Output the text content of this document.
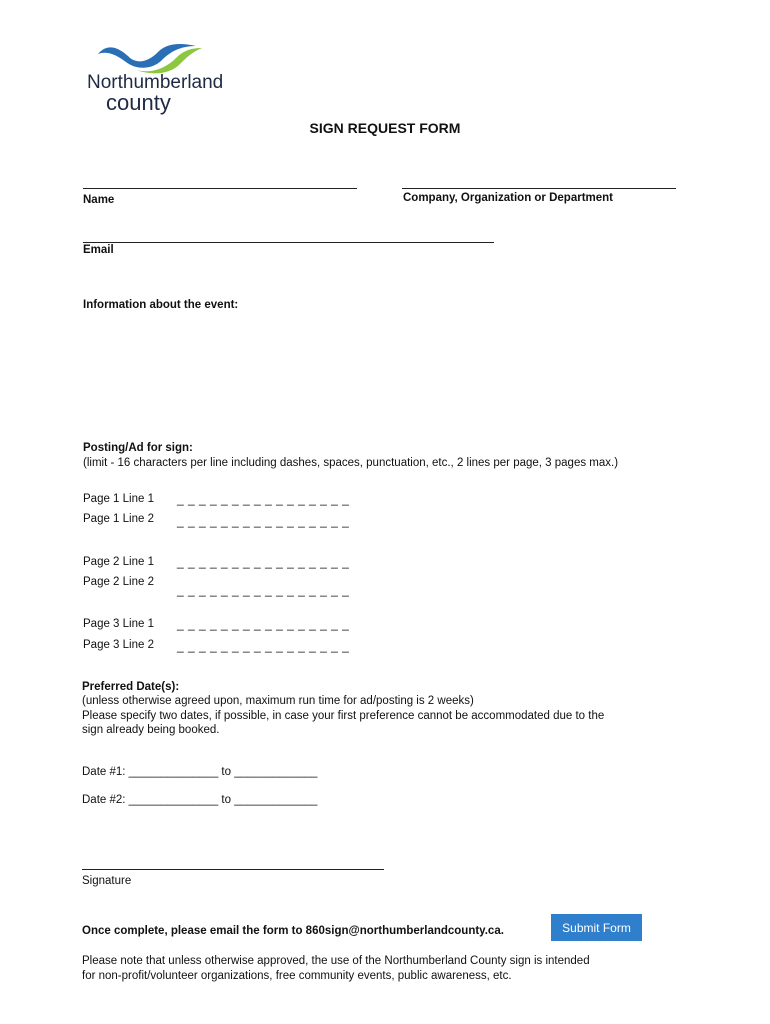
Northumberland
county
SIGN REQUEST FORM
Name	Company, Organization or Department
Email
Information about the event:
Posting/Ad for sign:
(limit - 16 characters per line including dashes, spaces, punctuation, etc., 2 lines per page, 3 pages max.)
Page 1 Line 1 _ _ _ _ _ _ _ _ _ _ _ _ _ _ _ _
Page 1 Line 2 _ _ _ _ _ _ _ _ _ _ _ _ _ _ _ _
Page 2 Line 1 _ _ _ _ _ _ _ _ _ _ _ _ _ _ _ _
Page 2 Line 2
_ _ _ _ _ _ _ _ _ _ _ _ _ _ _ _
Page 3 Line 1 _ _ _ _ _ _ _ _ _ _ _ _ _ _ _ _
Page 3 Line 2 _ _ _ _ _ _ _ _ _ _ _ _ _ _ _ _
Preferred Date(s):
(unless otherwise agreed upon, maximum run time for ad/posting is 2 weeks)
Please specify two dates, if possible, in case your first preference cannot be accommodated due to the
sign already being booked.
Date #1: ______________ to _____________
Date #2: ______________ to _____________
Signature
Once complete, please email the form to 860sign@northumberlandcounty.ca.	Submit Form
Please note that unless otherwise approved, the use of the Northumberland County sign is intended
for non-profit/volunteer organizations, free community events, public awareness, etc.
